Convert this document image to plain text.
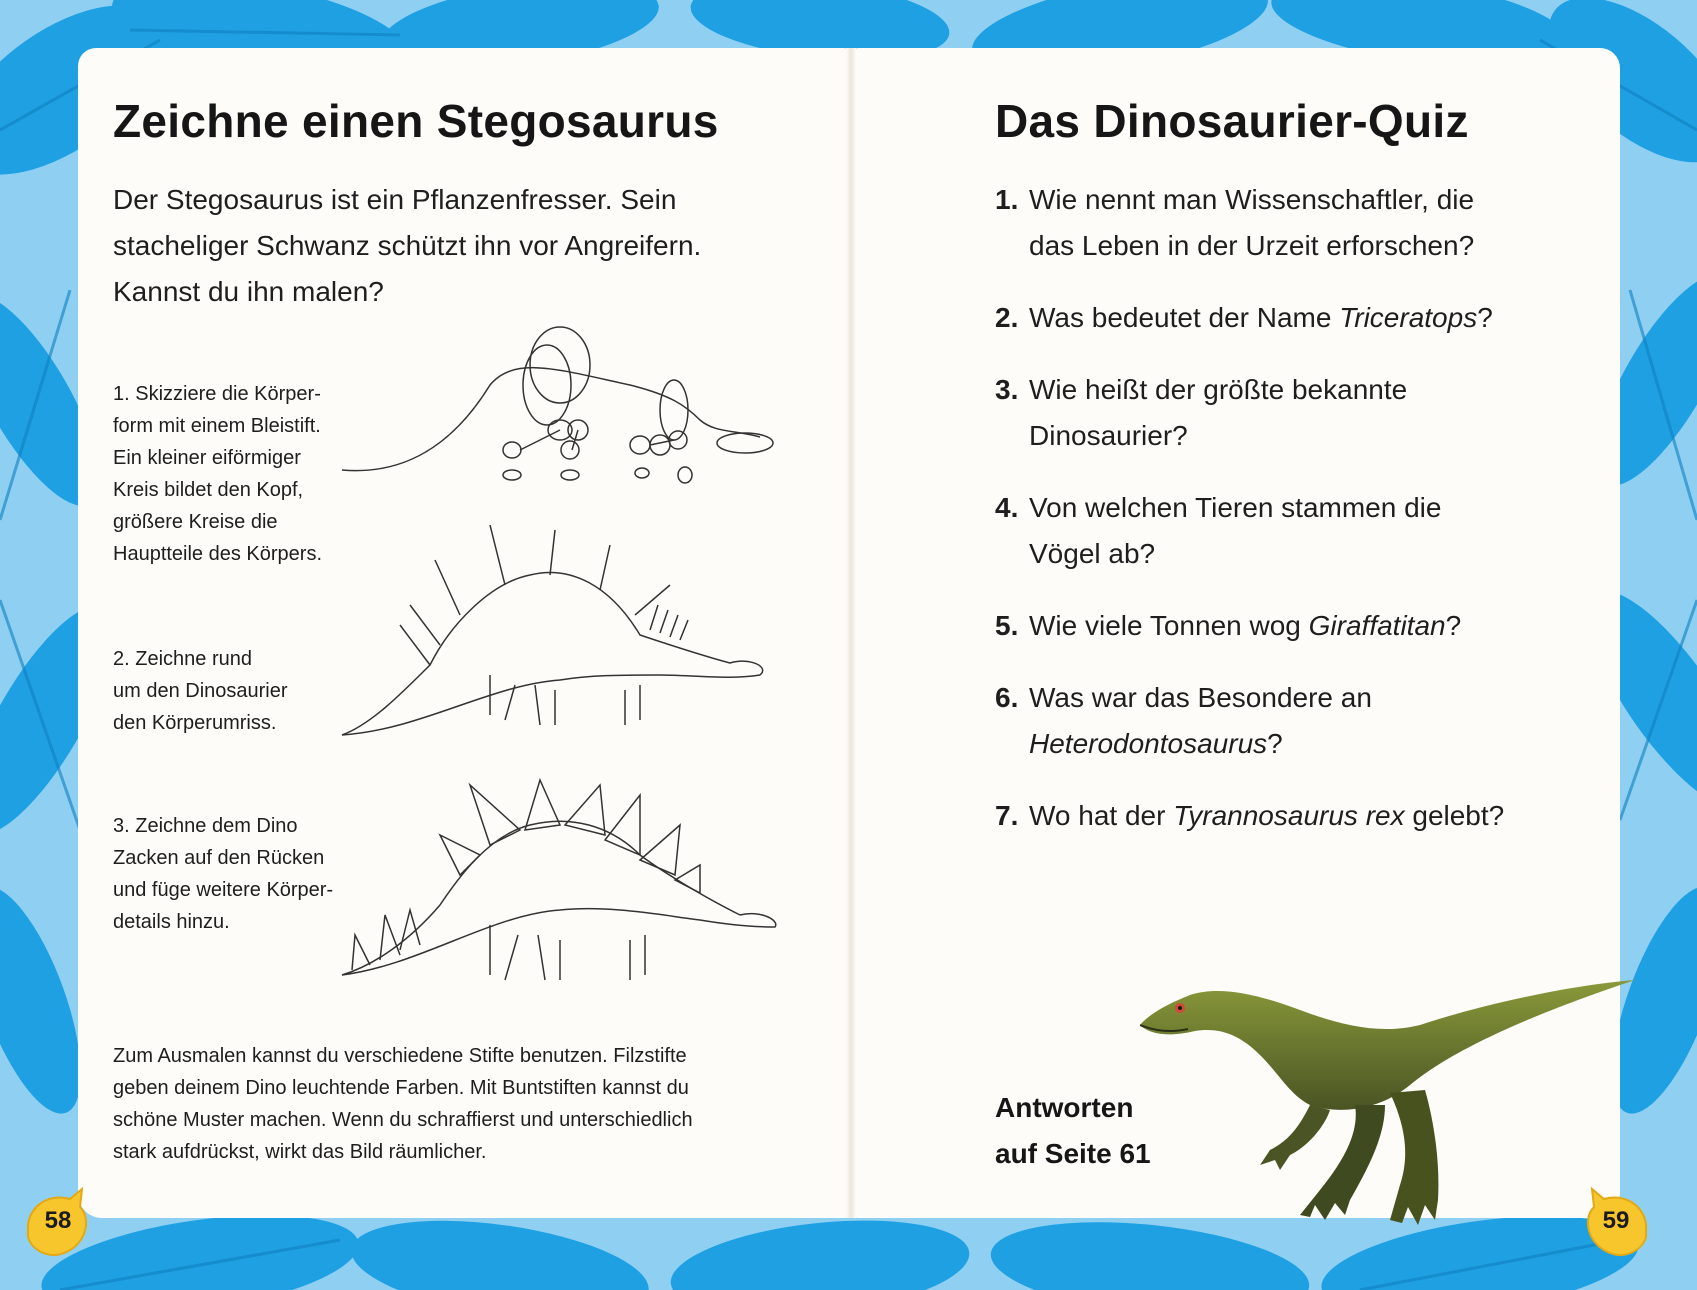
Zeichne einen Stegosaurus
Der Stegosaurus ist ein Pflanzenfresser. Sein
stacheliger Schwanz schützt ihn vor Angreifern.
Kannst du ihn malen?
1. Skizziere die Körper-
form mit einem Bleistift.
Ein kleiner eiförmiger
Kreis bildet den Kopf,
größere Kreise die
Hauptteile des Körpers.
2. Zeichne rund
um den Dinosaurier
den Körperumriss.
3. Zeichne dem Dino
Zacken auf den Rücken
und füge weitere Körper-
details hinzu.
Zum Ausmalen kannst du verschiedene Stifte benutzen. Filzstifte
geben deinem Dino leuchtende Farben. Mit Buntstiften kannst du
schöne Muster machen. Wenn du schraffierst und unterschiedlich
stark aufdrückst, wirkt das Bild räumlicher.
58
Das Dinosaurier-Quiz
1. Wie nennt man Wissenschaftler, die
das Leben in der Urzeit erforschen?
2. Was bedeutet der Name Triceratops?
3. Wie heißt der größte bekannte
Dinosaurier?
4. Von welchen Tieren stammen die
Vögel ab?
5. Wie viele Tonnen wog Giraffatitan?
6. Was war das Besondere an
Heterodontosaurus?
7. Wo hat der Tyrannosaurus rex gelebt?
Antworten
auf Seite 61
59
